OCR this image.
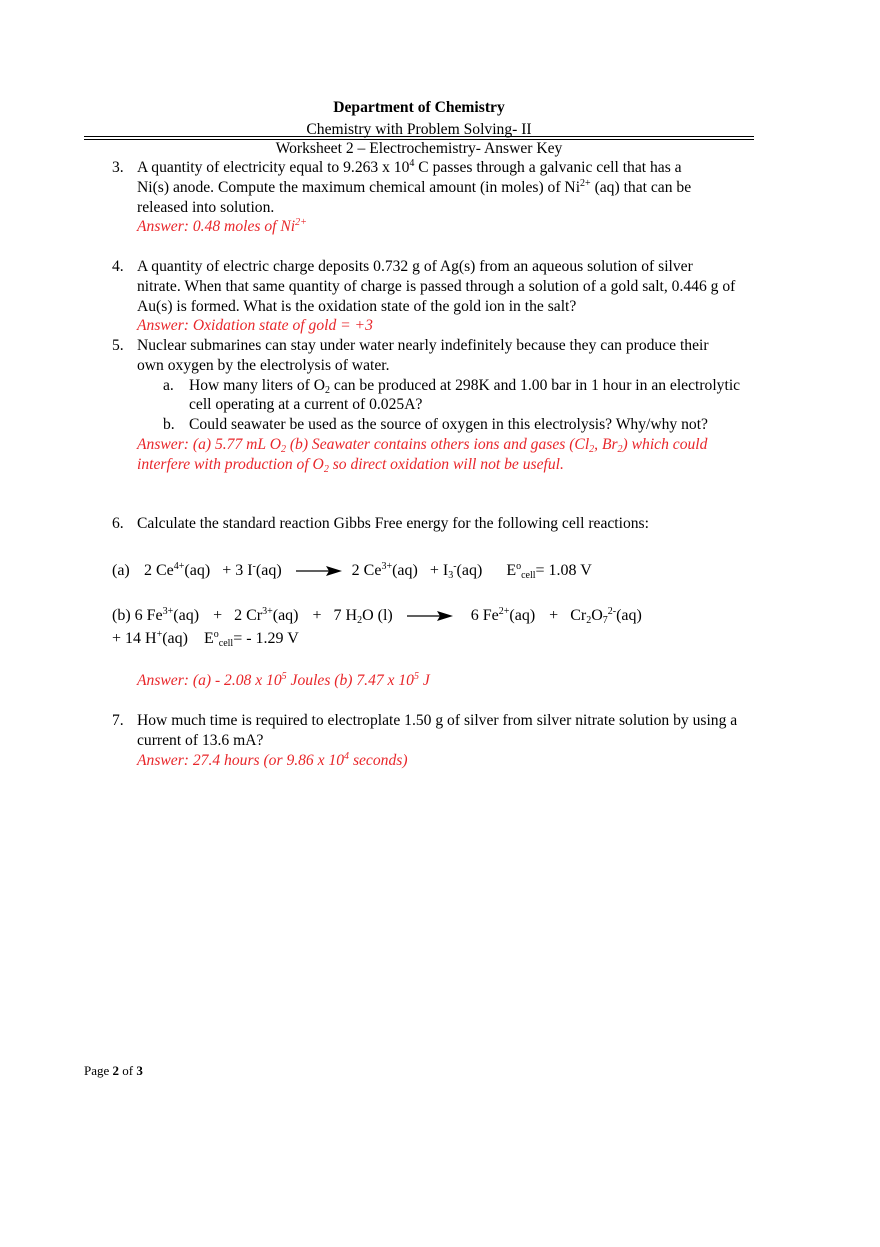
Department of Chemistry
Chemistry with Problem Solving- II
Worksheet 2 – Electrochemistry- Answer Key
3. A quantity of electricity equal to 9.263 x $10^4$ C passes through a galvanic cell that has a
Ni(s) anode. Compute the maximum chemical amount (in moles) of $Ni^{2+}$ (aq) that can be
released into solution.
Answer: 0.48 moles of $Ni^{2+}$
4. A quantity of electric charge deposits 0.732 g of Ag(s) from an aqueous solution of silver nitrate. When that same quantity of charge is passed through a solution of a gold salt, 0.446 g of Au(s) is formed. What is the oxidation state of the gold ion in the salt?
Answer: Oxidation state of gold = +3
5. Nuclear submarines can stay under water nearly indefinitely because they can produce their own oxygen by the electrolysis of water.
a. How many liters of $O_2$ can be produced at 298K and 1.00 bar in 1 hour in an electrolytic cell operating at a current of 0.025A?
b. Could seawater be used as the source of oxygen in this electrolysis? Why/why not?
Answer: (a) 5.77 mL $O_2$ (b) Seawater contains others ions and gases ($Cl_2$, $Br_2$) which could interfere with production of $O_2$ so direct oxidation will not be useful.
6. Calculate the standard reaction Gibbs Free energy for the following cell reactions:
(a) 2 $Ce^{4+}(aq) + 3$ I-(aq) → 2 $Ce^{3+}(aq) + I_3^-(aq)$ $E^o_{cell}= 1.08$ V
(b) 6 $Fe^{3+}(aq) + 2$ $Cr^{3+}(aq) + 7$ $H_2O$ (l) → 6 $Fe^{2+}(aq) + Cr_2O_7^{2-}(aq)$
+ 14 H+(aq) $E^o_{cell}= - 1.29$ V
Answer: (a) - 2.08 x $10^5$ Joules (b) 7.47 x $10^5$ J
7. How much time is required to electroplate 1.50 g of silver from silver nitrate solution by using a current of 13.6 mA?
Answer: 27.4 hours (or 9.86 x $10^4$ seconds)
Page 2 of 3
